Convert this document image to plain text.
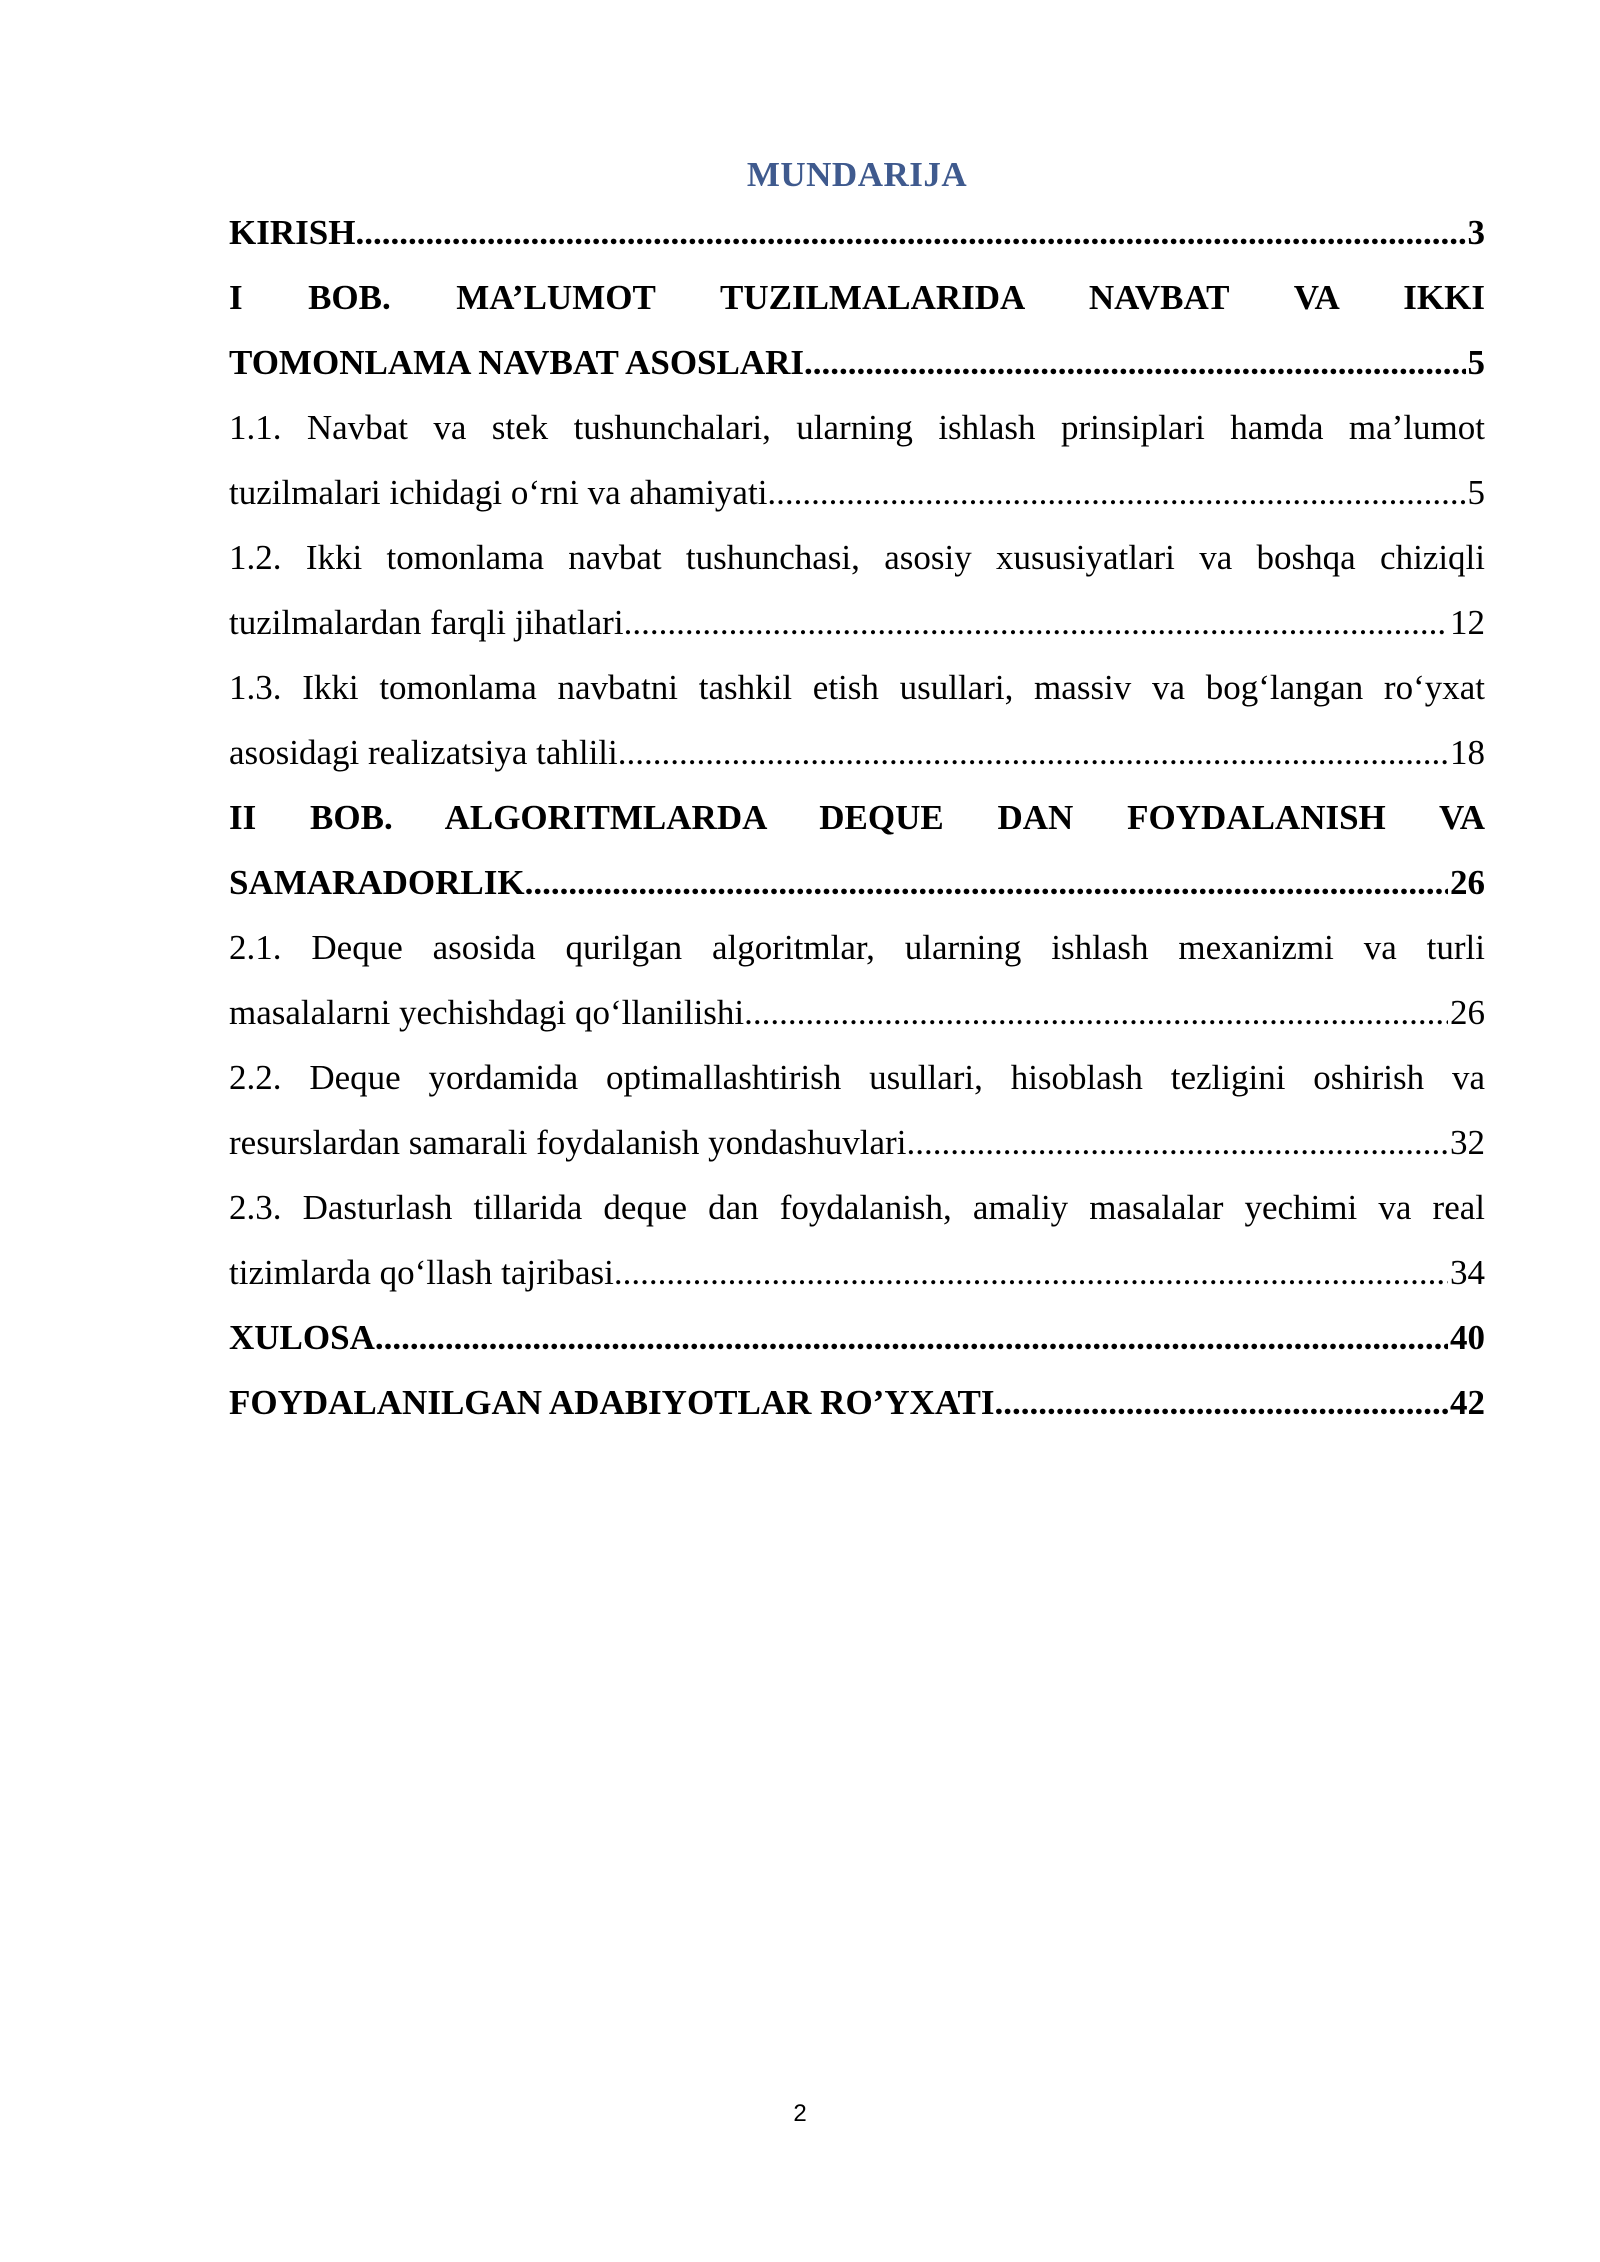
MUNDARIJA
KIRISH .....	3

I BOB. MA’LUMOT TUZILMALARIDA NAVBAT VA IKKI

TOMONLAMA NAVBAT ASOSLARI .....	5

1.1. Navbat va stek tushunchalari, ularning ishlash prinsiplari hamda ma’lumot

tuzilmalari ichidagi o‘rni va ahamiyati .....	5

1.2. Ikki tomonlama navbat tushunchasi, asosiy xususiyatlari va boshqa chiziqli

tuzilmalardan farqli jihatlari .....	12

1.3. Ikki tomonlama navbatni tashkil etish usullari, massiv va bog‘langan ro‘yxat

asosidagi realizatsiya tahlili .....	18

II BOB. ALGORITMLARDA DEQUE DAN FOYDALANISH VA

SAMARADORLIK .....	26

2.1. Deque asosida qurilgan algoritmlar, ularning ishlash mexanizmi va turli

masalalarni yechishdagi qo‘llanilishi .....	26

2.2. Deque yordamida optimallashtirish usullari, hisoblash tezligini oshirish va

resurslardan samarali foydalanish yondashuvlari .....	32

2.3. Dasturlash tillarida deque dan foydalanish, amaliy masalalar yechimi va real

tizimlarda qo‘llash tajribasi .....	34
XULOSA .....	40
FOYDALANILGAN ADABIYOTLAR RO’YXATI .....	42
2
